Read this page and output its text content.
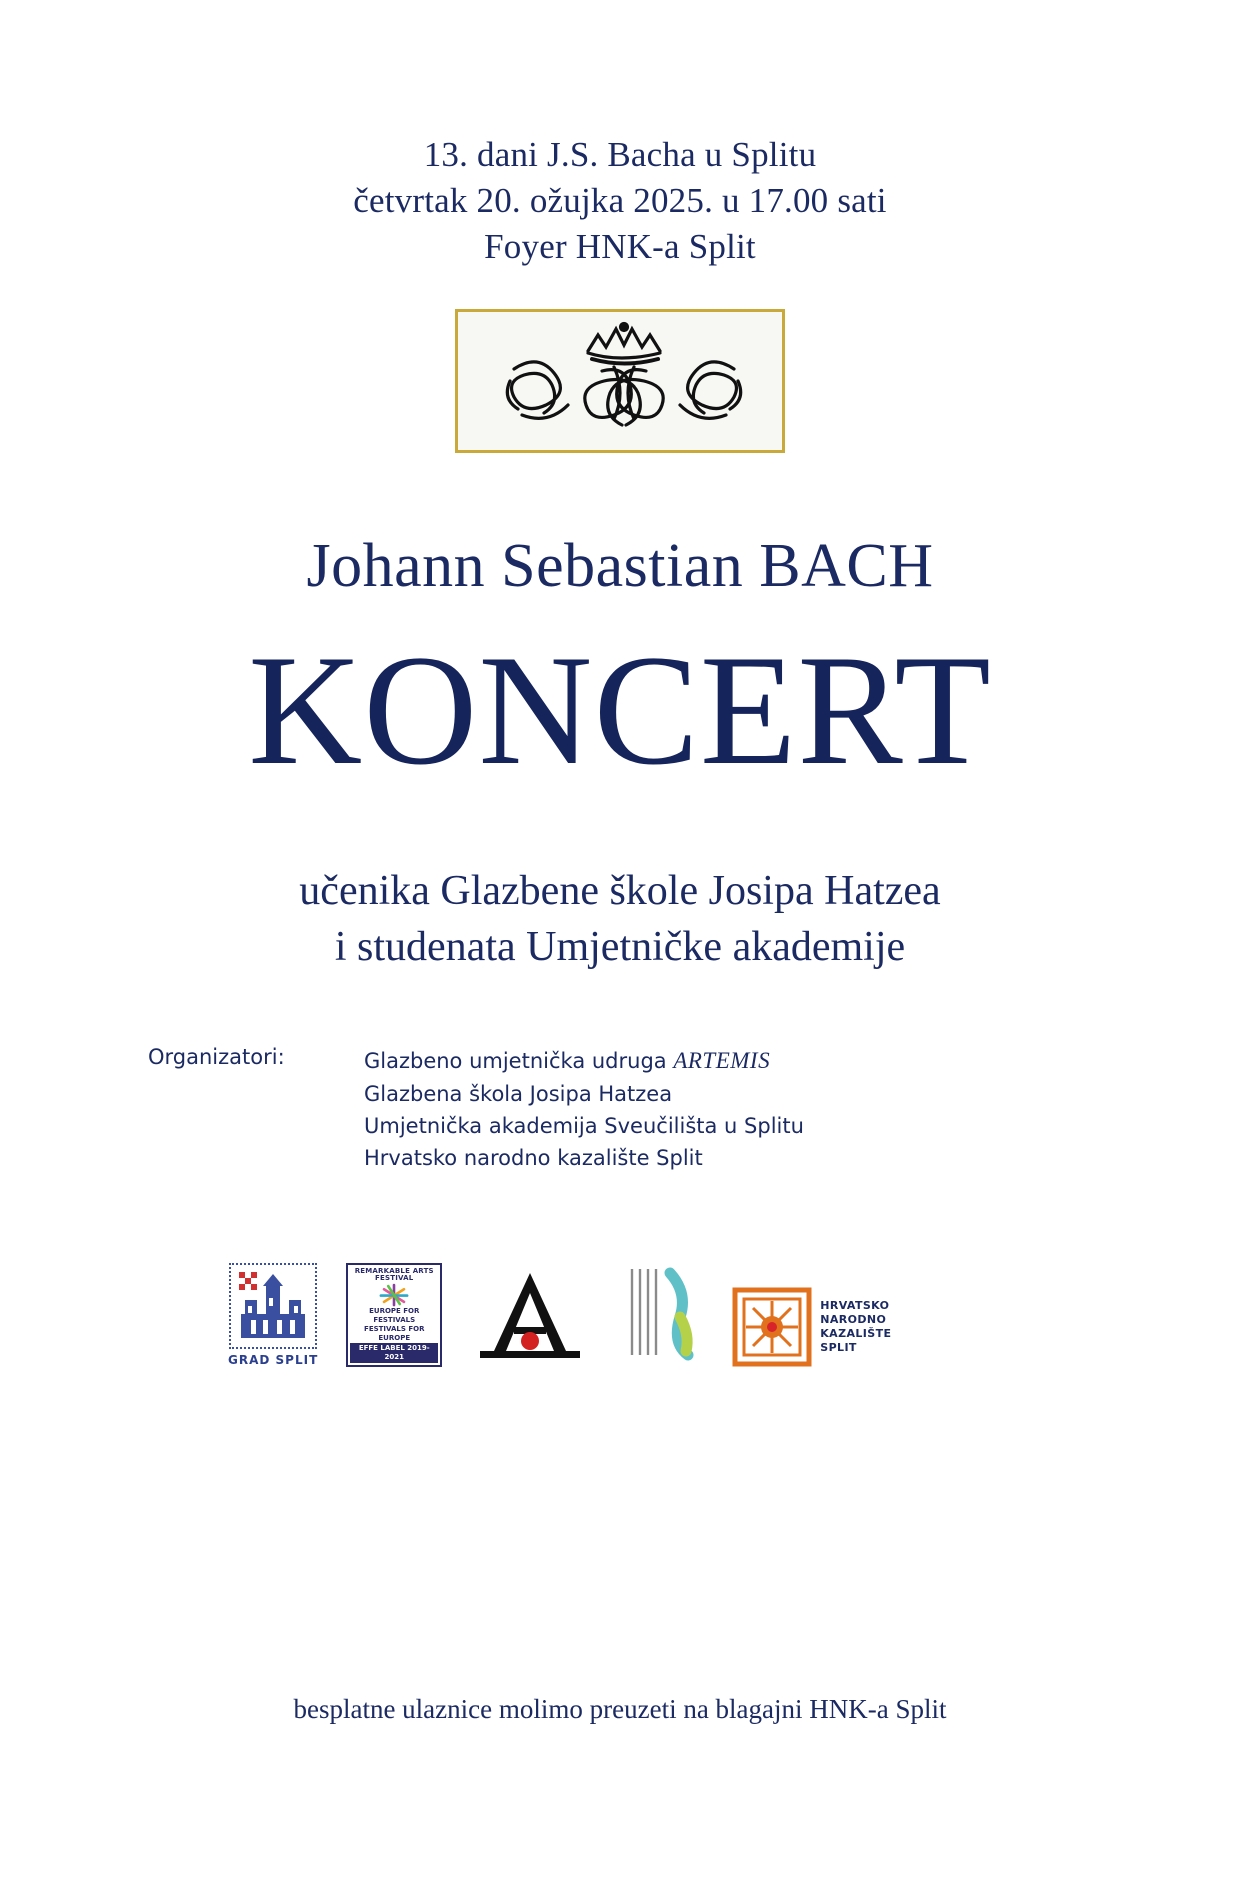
13. dani J.S. Bacha u Splitu
četvrtak 20. ožujka 2025. u 17.00 sati
Foyer HNK-a Split
Johann Sebastian BACH
KONCERT
učenika Glazbene škole Josipa Hatzea
i studenata Umjetničke akademije
Organizatori:	Glazbeno umjetnička udruga ARTEMIS
Glazbena škola Josipa Hatzea
Umjetnička akademija Sveučilišta u Splitu
Hrvatsko narodno kazalište Split
GRAD SPLIT
REMARKABLE ARTS FESTIVAL
EUROPE FOR FESTIVALS
FESTIVALS FOR EUROPE
EFFE LABEL 2019-2021
HRVATSKO
NARODNO
KAZALIŠTE
SPLIT
besplatne ulaznice molimo preuzeti na blagajni HNK-a Split
